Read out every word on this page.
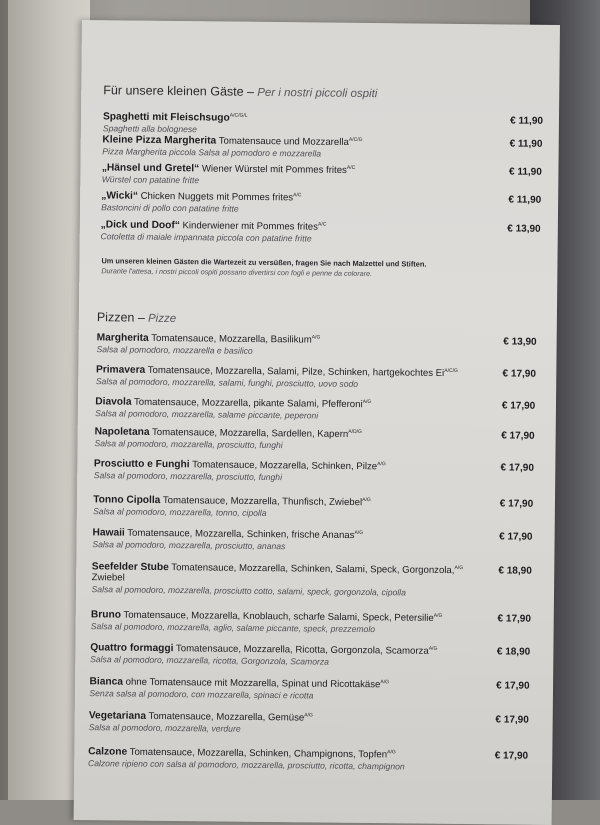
Für unsere kleinen Gäste – Per i nostri piccoli ospiti
Spaghetti mit Fleischsugo$^{A/C/G/L}$
Spaghetti alla bolognese
€ 11,90
Kleine Pizza Margherita Tomatensauce und Mozzarella$^{A/C/G}$
Pizza Margherita piccola Salsa al pomodoro e mozzarella
€ 11,90
„Hänsel und Gretel“ Wiener Würstel mit Pommes frites$^{A/C}$
Würstel con patatine fritte
€ 11,90
„Wicki“ Chicken Nuggets mit Pommes frites$^{A/C}$
Bastoncini di pollo con patatine fritte
€ 11,90
„Dick und Doof“ Kinderwiener mit Pommes frites$^{A/C}$
Cotoletta di maiale impannata piccola con patatine fritte
€ 13,90
Um unseren kleinen Gästen die Wartezeit zu versüßen, fragen Sie nach Malzettel und Stiften.
Durante l'attesa, i nostri piccoli ospiti possano divertirsi con fogli e penne da colorare.
Pizzen – Pizze
Margherita Tomatensauce, Mozzarella, Basilikum$^{A/G}$
Salsa al pomodoro, mozzarella e basilico
€ 13,90
Primavera Tomatensauce, Mozzarella, Salami, Pilze, Schinken, hartgekochtes $Ei^{A/C/G}$
Salsa al pomodoro, mozzarella, salami, funghi, prosciutto, uovo sodo
€ 17,90
Diavola Tomatensauce, Mozzarella, pikante Salami, Pfefferoni$^{A/G}$
Salsa al pomodoro, mozzarella, salame piccante, peperoni
€ 17,90
Napoletana Tomatensauce, Mozzarella, Sardellen, Kapern$^{A/D/G}$
Salsa al pomodoro, mozzarella, prosciutto, funghi
€ 17,90
Prosciutto e Funghi Tomatensauce, Mozzarella, Schinken, Pilze$^{A/G}$
Salsa al pomodoro, mozzarella, prosciutto, funghi
€ 17,90
Tonno Cipolla Tomatensauce, Mozzarella, Thunfisch, Zwiebel$^{A/G}$
Salsa al pomodoro, mozzarella, tonno, cipolla
€ 17,90
Hawaii Tomatensauce, Mozzarella, Schinken, frische Ananas$^{A/G}$
Salsa al pomodoro, mozzarella, prosciutto, ananas
€ 17,90
Seefelder Stube Tomatensauce, Mozzarella, Schinken, Salami, Speck, Gorgonzola,$^{A/G}$
Zwiebel
Salsa al pomodoro, mozzarella, prosciutto cotto, salami, speck, gorgonzola, cipolla
€ 18,90
Bruno Tomatensauce, Mozzarella, Knoblauch, scharfe Salami, Speck, Petersilie$^{A/G}$
Salsa al pomodoro, mozzarella, aglio, salame piccante, speck, prezzemolo
€ 17,90
Quattro formaggi Tomatensauce, Mozzarella, Ricotta, Gorgonzola, Scamorza$^{A/G}$
Salsa al pomodoro, mozzarella, ricotta, Gorgonzola, Scamorza
€ 18,90
Bianca ohne Tomatensauce mit Mozzarella, Spinat und Ricottakäse$^{A/G}$
Senza salsa al pomodoro, con mozzarella, spinaci e ricotta
€ 17,90
Vegetariana Tomatensauce, Mozzarella, Gemüse$^{A/G}$
Salsa al pomodoro, mozzarella, verdure
€ 17,90
Calzone Tomatensauce, Mozzarella, Schinken, Champignons, Topfen$^{A/G}$
Calzone ripieno con salsa al pomodoro, mozzarella, prosciutto, ricotta, champignon
€ 17,90
